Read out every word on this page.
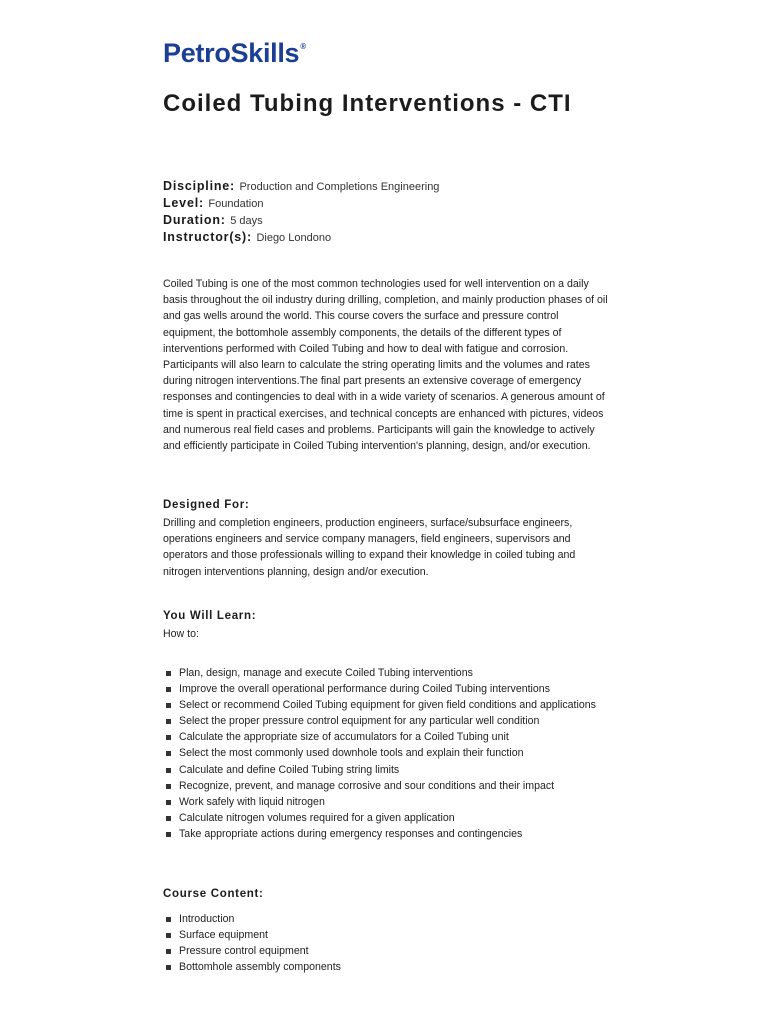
PetroSkills®
Coiled Tubing Interventions - CTI
Discipline: Production and Completions Engineering
Level: Foundation
Duration: 5 days
Instructor(s): Diego Londono

Coiled Tubing is one of the most common technologies used for well intervention on a daily basis throughout the oil industry during drilling, completion, and mainly production phases of oil and gas wells around the world. This course covers the surface and pressure control equipment, the bottomhole assembly components, the details of the different types of interventions performed with Coiled Tubing and how to deal with fatigue and corrosion. Participants will also learn to calculate the string operating limits and the volumes and rates during nitrogen interventions.The final part presents an extensive coverage of emergency responses and contingencies to deal with in a wide variety of scenarios. A generous amount of time is spent in practical exercises, and technical concepts are enhanced with pictures, videos and numerous real field cases and problems. Participants will gain the knowledge to actively and efficiently participate in Coiled Tubing intervention's planning, design, and/or execution.

Designed For:

Drilling and completion engineers, production engineers, surface/subsurface engineers, operations engineers and service company managers, field engineers, supervisors and operators and those professionals willing to expand their knowledge in coiled tubing and nitrogen interventions planning, design and/or execution.

You Will Learn:

How to:

Plan, design, manage and execute Coiled Tubing interventions
Improve the overall operational performance during Coiled Tubing interventions
Select or recommend Coiled Tubing equipment for given field conditions and applications
Select the proper pressure control equipment for any particular well condition
Calculate the appropriate size of accumulators for a Coiled Tubing unit
Select the most commonly used downhole tools and explain their function
Calculate and define Coiled Tubing string limits
Recognize, prevent, and manage corrosive and sour conditions and their impact
Work safely with liquid nitrogen
Calculate nitrogen volumes required for a given application
Take appropriate actions during emergency responses and contingencies
Course Content:
Introduction
Surface equipment
Pressure control equipment
Bottomhole assembly components
